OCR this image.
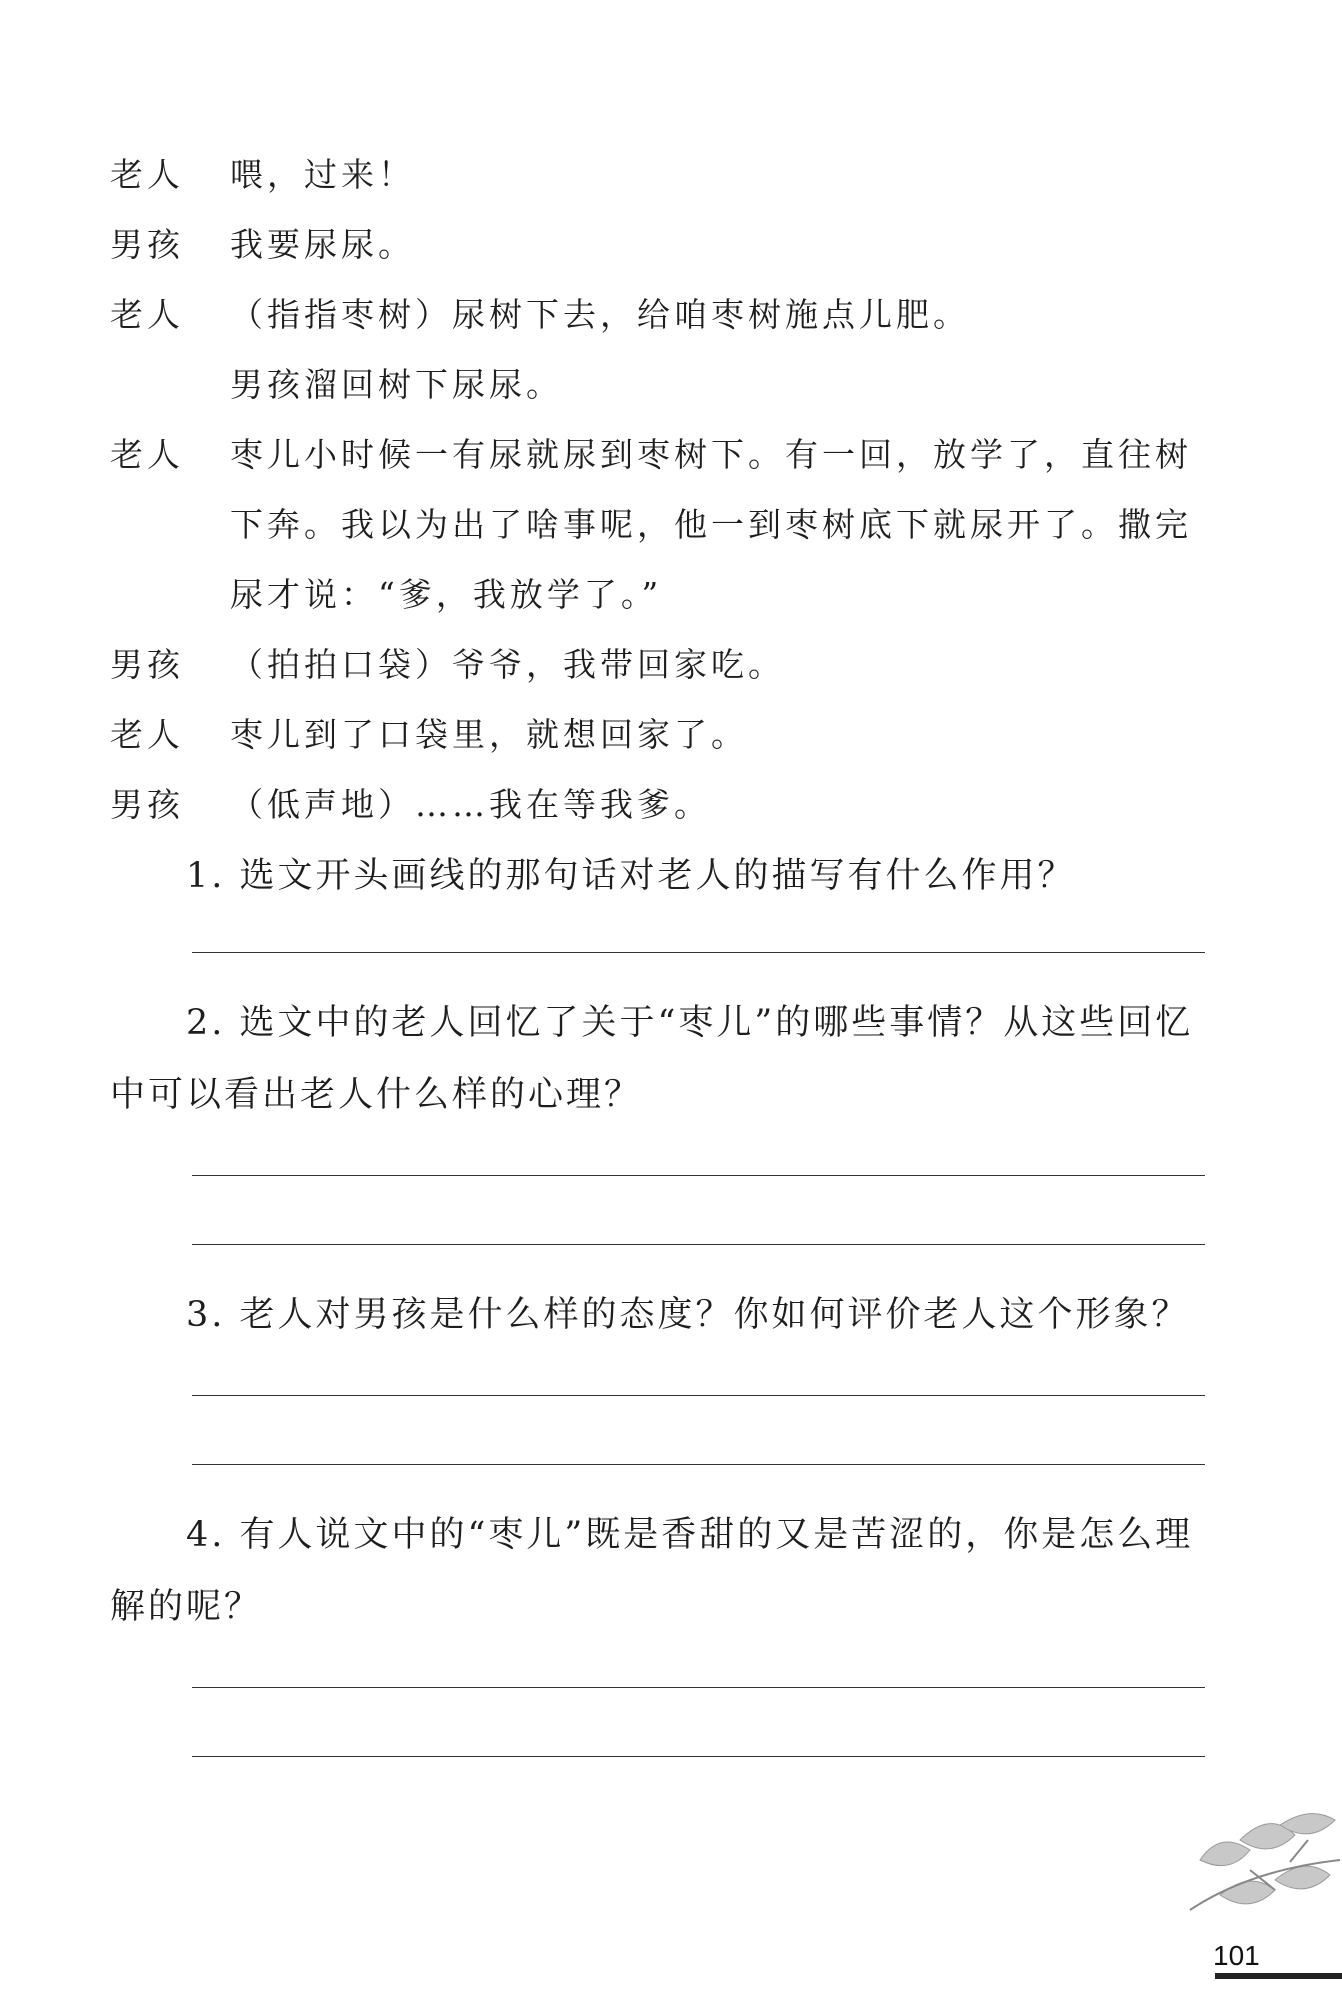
老人	喂，过来！
男孩	我要尿尿。
老人	（指指枣树）尿树下去，给咱枣树施点儿肥。
男孩溜回树下尿尿。
老人	枣儿小时候一有尿就尿到枣树下。有一回，放学了，直往树下奔。我以为出了啥事呢，他一到枣树底下就尿开了。撒完尿才说：“爹，我放学了。”
男孩	（拍拍口袋）爷爷，我带回家吃。
老人	枣儿到了口袋里，就想回家了。
男孩	（低声地）……我在等我爹。
1. 选文开头画线的那句话对老人的描写有什么作用？
2. 选文中的老人回忆了关于“枣儿”的哪些事情？从这些回忆中可以看出老人什么样的心理？
3. 老人对男孩是什么样的态度？你如何评价老人这个形象？
4. 有人说文中的“枣儿”既是香甜的又是苦涩的，你是怎么理解的呢？
101
